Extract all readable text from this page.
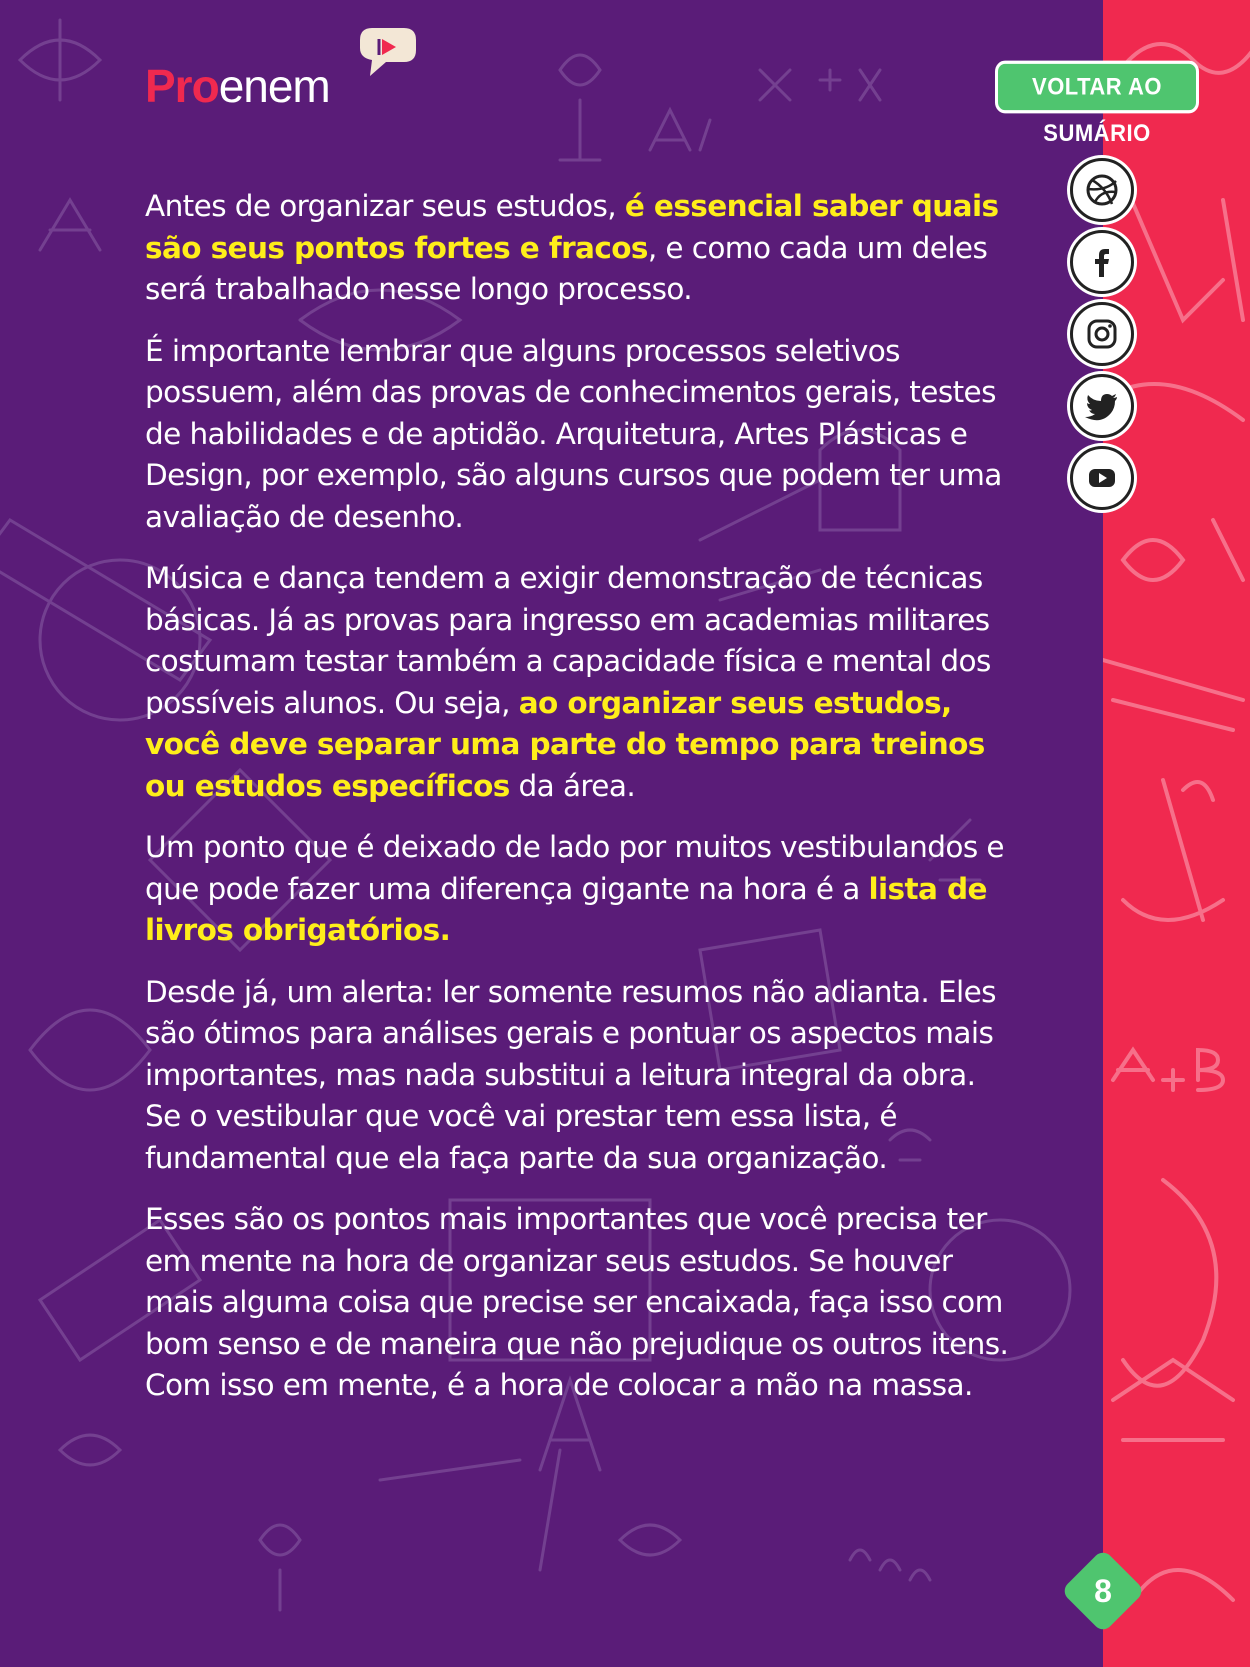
Proenem	VOLTAR AO SUMÁRIO

Antes de organizar seus estudos, é essencial saber quais são seus pontos fortes e fracos, e como cada um deles será trabalhado nesse longo processo.

É importante lembrar que alguns processos seletivos possuem, além das provas de conhecimentos gerais, testes de habilidades e de aptidão. Arquitetura, Artes Plásticas e Design, por exemplo, são alguns cursos que podem ter uma avaliação de desenho.

Música e dança tendem a exigir demonstração de técnicas básicas. Já as provas para ingresso em academias militares costumam testar também a capacidade física e mental dos possíveis alunos. Ou seja, ao organizar seus estudos, você deve separar uma parte do tempo para treinos ou estudos específicos da área.

Um ponto que é deixado de lado por muitos vestibulandos e que pode fazer uma diferença gigante na hora é a lista de livros obrigatórios.

Desde já, um alerta: ler somente resumos não adianta. Eles são ótimos para análises gerais e pontuar os aspectos mais importantes, mas nada substitui a leitura integral da obra. Se o vestibular que você vai prestar tem essa lista, é fundamental que ela faça parte da sua organização.

Esses são os pontos mais importantes que você precisa ter em mente na hora de organizar seus estudos. Se houver mais alguma coisa que precise ser encaixada, faça isso com bom senso e de maneira que não prejudique os outros itens. Com isso em mente, é a hora de colocar a mão na massa.

8
